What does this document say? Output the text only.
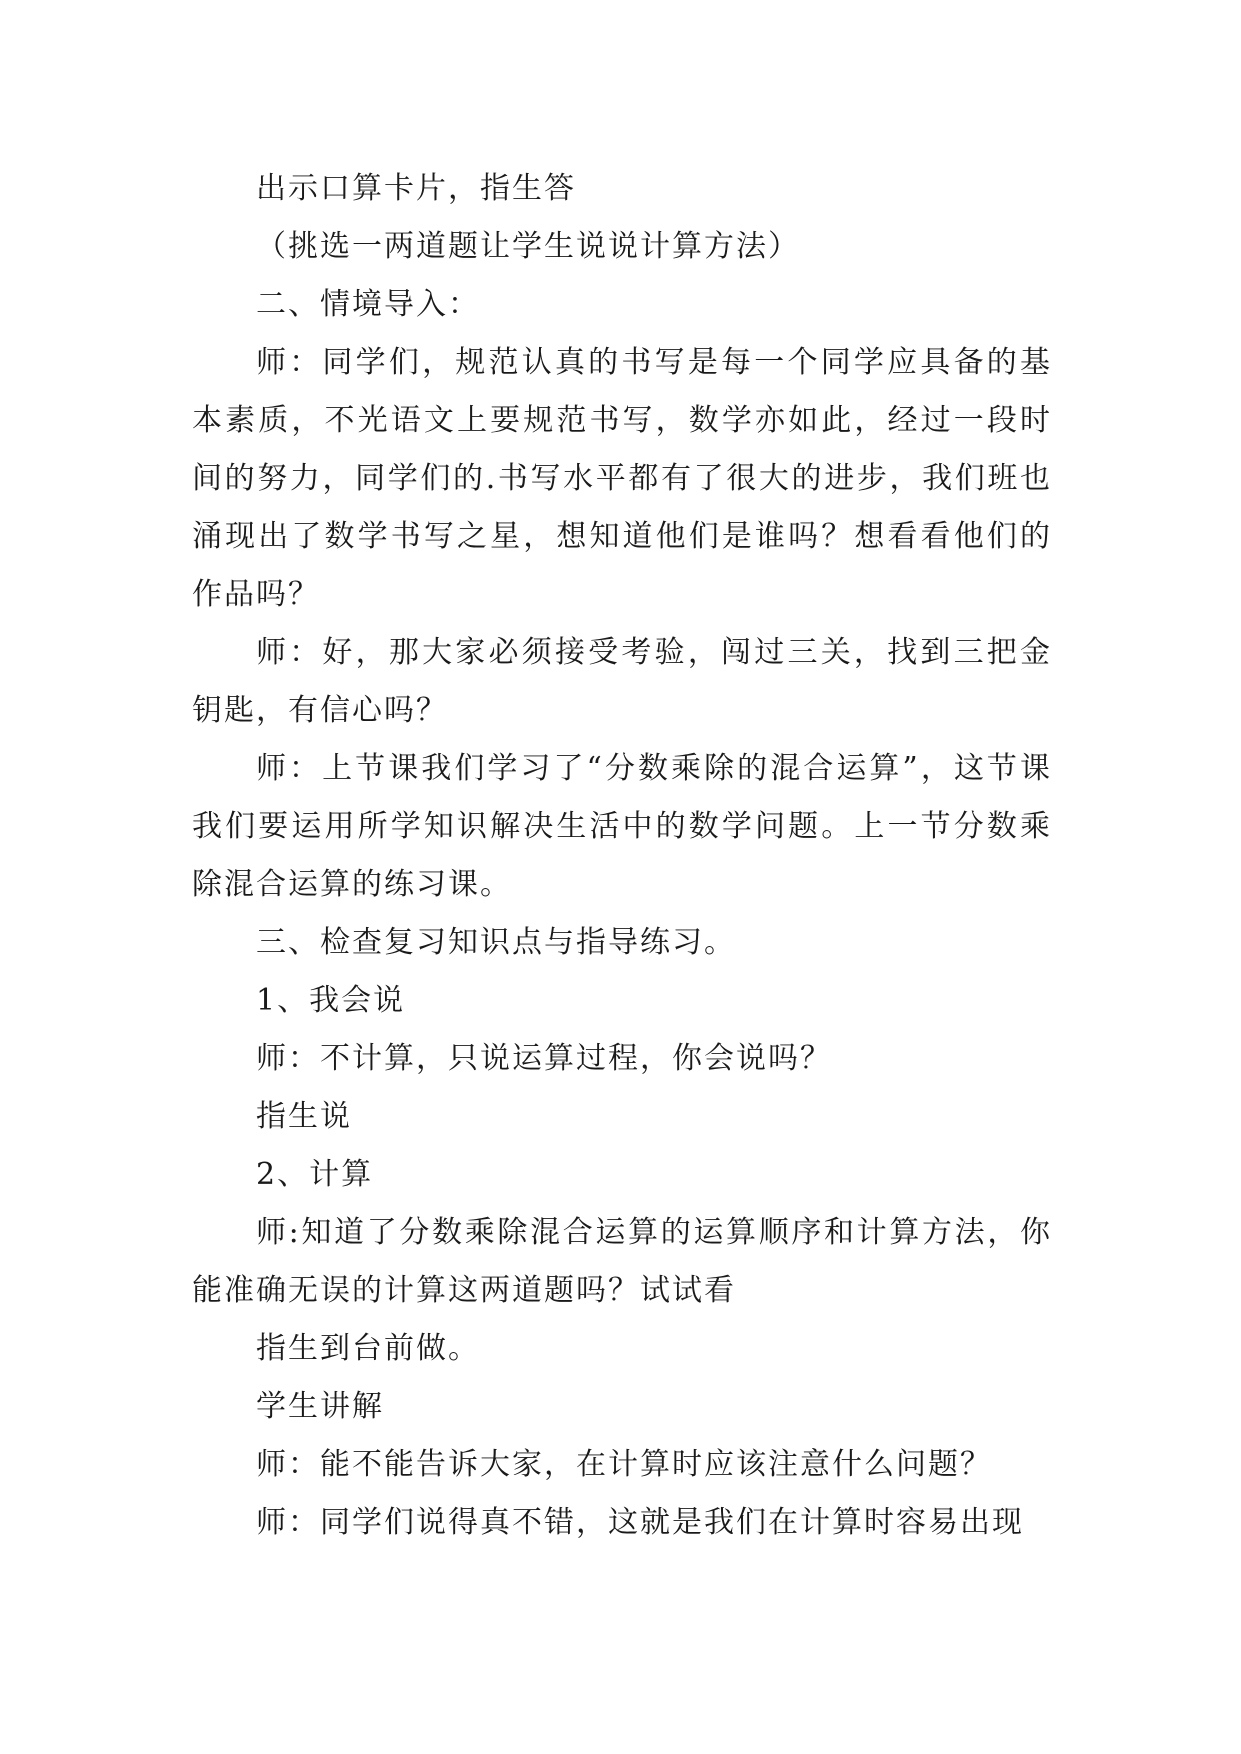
出示口算卡片，指生答

（挑选一两道题让学生说说计算方法）

二、情境导入：

师：同学们，规范认真的书写是每一个同学应具备的基本素质，不光语文上要规范书写，数学亦如此，经过一段时间的努力，同学们的.书写水平都有了很大的进步，我们班也涌现出了数学书写之星，想知道他们是谁吗？想看看他们的作品吗？

师：好，那大家必须接受考验，闯过三关，找到三把金钥匙，有信心吗？

师：上节课我们学习了“分数乘除的混合运算”，这节课我们要运用所学知识解决生活中的数学问题。上一节分数乘除混合运算的练习课。

三、检查复习知识点与指导练习。

1、我会说

师：不计算，只说运算过程，你会说吗？

指生说

2、计算

师:知道了分数乘除混合运算的运算顺序和计算方法，你能准确无误的计算这两道题吗？试试看

指生到台前做。

学生讲解

师：能不能告诉大家，在计算时应该注意什么问题？

师：同学们说得真不错，这就是我们在计算时容易出现
